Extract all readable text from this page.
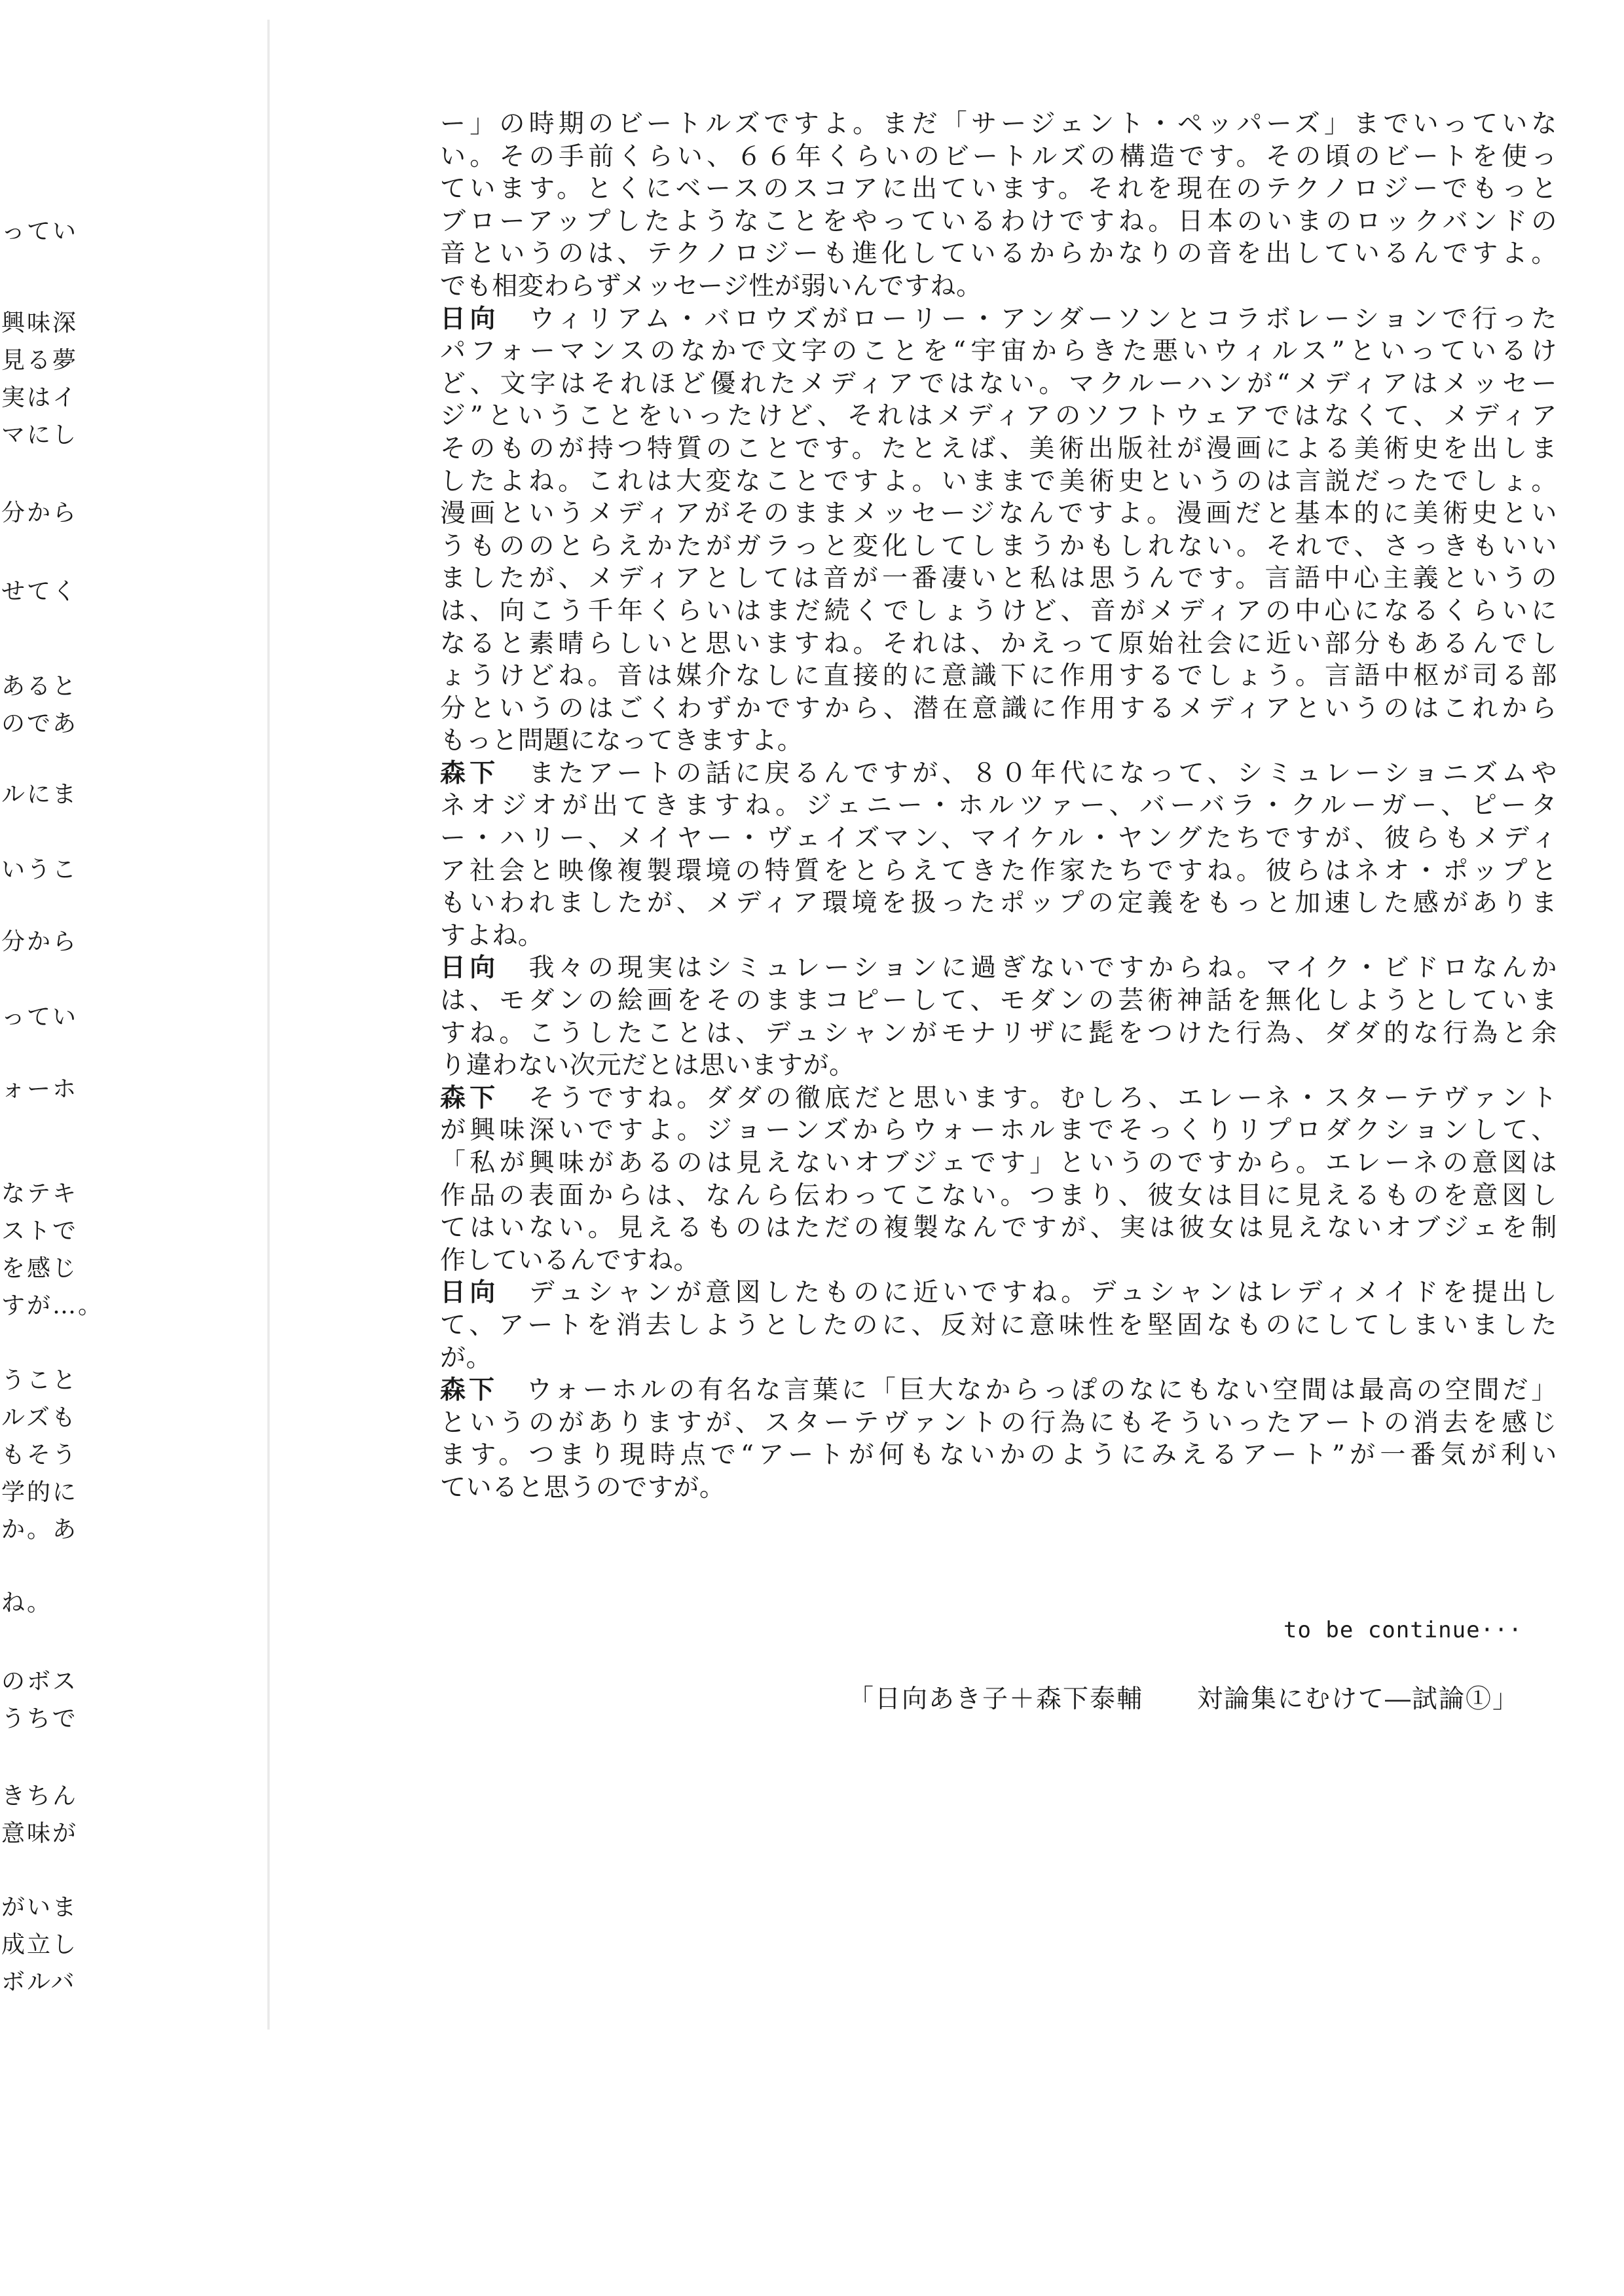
ってい
興味深
見る夢
実はイ
マにし
分から
せてく
あると
のであ
ルにま
いうこ
分から
ってい
ォーホ
なテキ
ストで
を感じ
すが…。
うこと
ルズも
もそう
学的に
か。あ
ね。
のボス
うちで
きちん
意味が
がいま
成立し
ボルバ
ー」の時期のビートルズですよ。まだ「サージェント・ペッパーズ」までいっていな
い。その手前くらい、６６年くらいのビートルズの構造です。その頃のビートを使っ
ています。とくにベースのスコアに出ています。それを現在のテクノロジーでもっと
ブローアップしたようなことをやっているわけですね。日本のいまのロックバンドの
音というのは、テクノロジーも進化しているからかなりの音を出しているんですよ。
でも相変わらずメッセージ性が弱いんですね。
日向　ウィリアム・バロウズがローリー・アンダーソンとコラボレーションで行った
パフォーマンスのなかで文字のことを“宇宙からきた悪いウィルス”といっているけ
ど、文字はそれほど優れたメディアではない。マクルーハンが“メディアはメッセー
ジ”ということをいったけど、それはメディアのソフトウェアではなくて、メディア
そのものが持つ特質のことです。たとえば、美術出版社が漫画による美術史を出しま
したよね。これは大変なことですよ。いままで美術史というのは言説だったでしょ。
漫画というメディアがそのままメッセージなんですよ。漫画だと基本的に美術史とい
うもののとらえかたがガラっと変化してしまうかもしれない。それで、さっきもいい
ましたが、メディアとしては音が一番凄いと私は思うんです。言語中心主義というの
は、向こう千年くらいはまだ続くでしょうけど、音がメディアの中心になるくらいに
なると素晴らしいと思いますね。それは、かえって原始社会に近い部分もあるんでし
ょうけどね。音は媒介なしに直接的に意識下に作用するでしょう。言語中枢が司る部
分というのはごくわずかですから、潜在意識に作用するメディアというのはこれから
もっと問題になってきますよ。
森下　またアートの話に戻るんですが、８０年代になって、シミュレーショニズムや
ネオジオが出てきますね。ジェニー・ホルツァー、バーバラ・クルーガー、ピータ
ー・ハリー、メイヤー・ヴェイズマン、マイケル・ヤングたちですが、彼らもメディ
ア社会と映像複製環境の特質をとらえてきた作家たちですね。彼らはネオ・ポップと
もいわれましたが、メディア環境を扱ったポップの定義をもっと加速した感がありま
すよね。
日向　我々の現実はシミュレーションに過ぎないですからね。マイク・ビドロなんか
は、モダンの絵画をそのままコピーして、モダンの芸術神話を無化しようとしていま
すね。こうしたことは、デュシャンがモナリザに髭をつけた行為、ダダ的な行為と余
り違わない次元だとは思いますが。
森下　そうですね。ダダの徹底だと思います。むしろ、エレーネ・スターテヴァント
が興味深いですよ。ジョーンズからウォーホルまでそっくりリプロダクションして、
「私が興味があるのは見えないオブジェです」というのですから。エレーネの意図は
作品の表面からは、なんら伝わってこない。つまり、彼女は目に見えるものを意図し
てはいない。見えるものはただの複製なんですが、実は彼女は見えないオブジェを制
作しているんですね。
日向　デュシャンが意図したものに近いですね。デュシャンはレディメイドを提出し
て、アートを消去しようとしたのに、反対に意味性を堅固なものにしてしまいました
が。
森下　ウォーホルの有名な言葉に「巨大なからっぽのなにもない空間は最高の空間だ」
というのがありますが、スターテヴァントの行為にもそういったアートの消去を感じ
ます。つまり現時点で“アートが何もないかのようにみえるアート”が一番気が利い
ていると思うのですが。
to be continue···
「日向あき子＋森下泰輔　　対論集にむけて―試論①」
